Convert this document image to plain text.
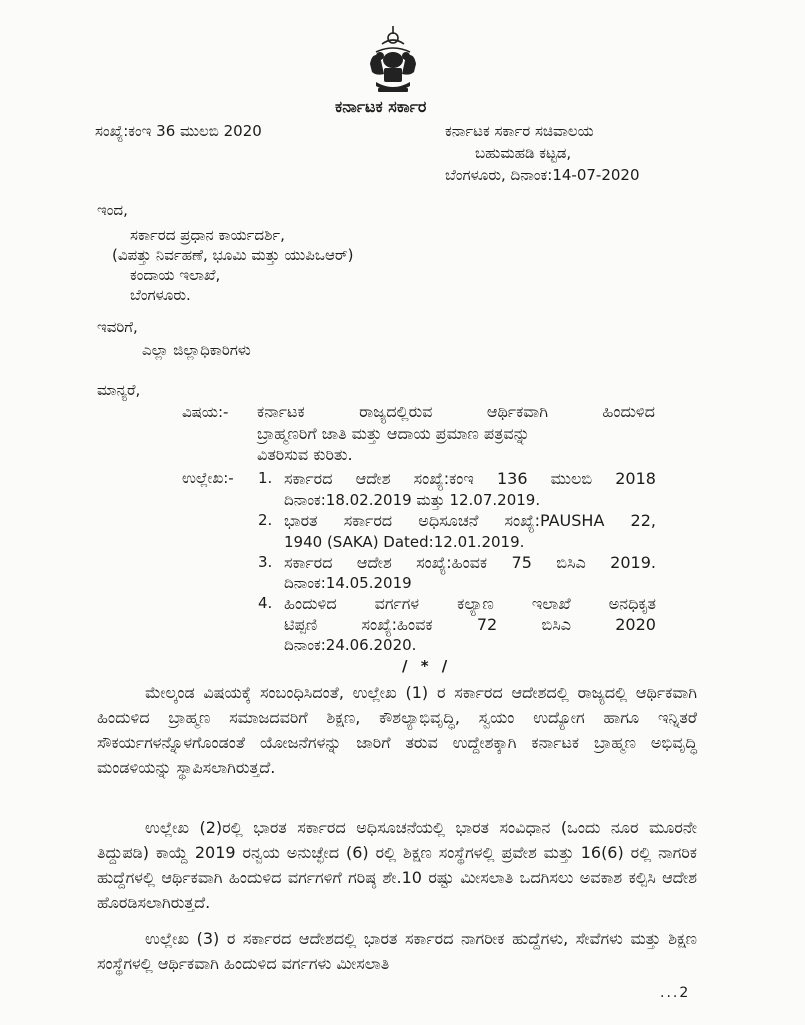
ಕರ್ನಾಟಕ ಸರ್ಕಾರ
ಸಂಖ್ಯೆ:ಕಂಇ 36 ಮುಲಬಿ 2020	ಕರ್ನಾಟಕ ಸರ್ಕಾರ ಸಚಿವಾಲಯ
ಬಹುಮಹಡಿ ಕಟ್ಟಡ,
ಬೆಂಗಳೂರು, ದಿನಾಂಕ:14-07-2020
ಇಂದ,
ಸರ್ಕಾರದ ಪ್ರಧಾನ ಕಾರ್ಯದರ್ಶಿ,
(ವಿಪತ್ತು ನಿರ್ವಹಣೆ, ಭೂಮಿ ಮತ್ತು ಯುಪಿಒಆರ್)
ಕಂದಾಯ ಇಲಾಖೆ,
ಬೆಂಗಳೂರು.
ಇವರಿಗೆ,
ಎಲ್ಲಾ ಜಿಲ್ಲಾಧಿಕಾರಿಗಳು
ಮಾನ್ಯರೆ,
ವಿಷಯ:- ಕರ್ನಾಟಕ	ರಾಜ್ಯದಲ್ಲಿರುವ	ಆರ್ಥಿಕವಾಗಿ	ಹಿಂದುಳಿದ
ಬ್ರಾಹ್ಮಣರಿಗೆ ಜಾತಿ ಮತ್ತು ಆದಾಯ ಪ್ರಮಾಣ ಪತ್ರವನ್ನು
ವಿತರಿಸುವ ಕುರಿತು.
ಉಲ್ಲೇಖ:- 1. ಸರ್ಕಾರದ ಆದೇಶ ಸಂಖ್ಯೆ:ಕಂಇ 136 ಮುಲಬಿ 2018
ದಿನಾಂಕ:18.02.2019 ಮತ್ತು 12.07.2019.
2. ಭಾರತ ಸರ್ಕಾರದ ಅಧಿಸೂಚನೆ ಸಂಖ್ಯೆ:PAUSHA 22,
1940 (SAKA) Dated:12.01.2019.
3. ಸರ್ಕಾರದ ಆದೇಶ ಸಂಖ್ಯೆ:ಹಿಂವಕ 75 ಬಿಸಿಎ 2019.
ದಿನಾಂಕ:14.05.2019
4. ಹಿಂದುಳಿದ ವರ್ಗಗಳ ಕಲ್ಯಾಣ ಇಲಾಖೆ ಅನಧಿಕೃತ
ಟಿಪ್ಪಣಿ	ಸಂಖ್ಯೆ:ಹಿಂವಕ	72	ಬಿಸಿಎ	2020
ದಿನಾಂಕ:24.06.2020.
/ * /
ಮೇಲ್ಕಂಡ ವಿಷಯಕ್ಕೆ ಸಂಬಂಧಿಸಿದಂತೆ, ಉಲ್ಲೇಖ (1) ರ ಸರ್ಕಾರದ ಆದೇಶದಲ್ಲಿ ರಾಜ್ಯದಲ್ಲಿ ಆರ್ಥಿಕವಾಗಿ ಹಿಂದುಳಿದ ಬ್ರಾಹ್ಮಣ ಸಮಾಜದವರಿಗೆ ಶಿಕ್ಷಣ, ಕೌಶಲ್ಯಾಭಿವೃದ್ಧಿ, ಸ್ವಯಂ ಉದ್ಯೋಗ ಹಾಗೂ ಇನ್ನಿತರೆ ಸೌಕರ್ಯಗಳನ್ನೊಳಗೊಂಡಂತೆ ಯೋಜನೆಗಳನ್ನು ಜಾರಿಗೆ ತರುವ ಉದ್ದೇಶಕ್ಕಾಗಿ ಕರ್ನಾಟಕ ಬ್ರಾಹ್ಮಣ ಅಭಿವೃದ್ಧಿ ಮಂಡಳಿಯನ್ನು ಸ್ಥಾಪಿಸಲಾಗಿರುತ್ತದೆ.
ಉಲ್ಲೇಖ (2)ರಲ್ಲಿ ಭಾರತ ಸರ್ಕಾರದ ಅಧಿಸೂಚನೆಯಲ್ಲಿ ಭಾರತ ಸಂವಿಧಾನ (ಒಂದು ನೂರ ಮೂರನೇ ತಿದ್ದುಪಡಿ) ಕಾಯ್ದೆ 2019 ರನ್ವಯ ಅನುಚ್ಛೇದ (6) ರಲ್ಲಿ ಶಿಕ್ಷಣ ಸಂಸ್ಥೆಗಳಲ್ಲಿ ಪ್ರವೇಶ ಮತ್ತು 16(6) ರಲ್ಲಿ ನಾಗರಿಕ ಹುದ್ದೆಗಳಲ್ಲಿ ಆರ್ಥಿಕವಾಗಿ ಹಿಂದುಳಿದ ವರ್ಗಗಳಿಗೆ ಗರಿಷ್ಠ ಶೇ.10 ರಷ್ಟು ಮೀಸಲಾತಿ ಒದಗಿಸಲು ಅವಕಾಶ ಕಲ್ಪಿಸಿ ಆದೇಶ ಹೊರಡಿಸಲಾಗಿರುತ್ತದೆ.
ಉಲ್ಲೇಖ (3) ರ ಸರ್ಕಾರದ ಆದೇಶದಲ್ಲಿ ಭಾರತ ಸರ್ಕಾರದ ನಾಗರೀಕ ಹುದ್ದೆಗಳು, ಸೇವೆಗಳು ಮತ್ತು ಶಿಕ್ಷಣ ಸಂಸ್ಥೆಗಳಲ್ಲಿ ಆರ್ಥಿಕವಾಗಿ ಹಿಂದುಳಿದ ವರ್ಗಗಳು ಮೀಸಲಾತಿ
...2
